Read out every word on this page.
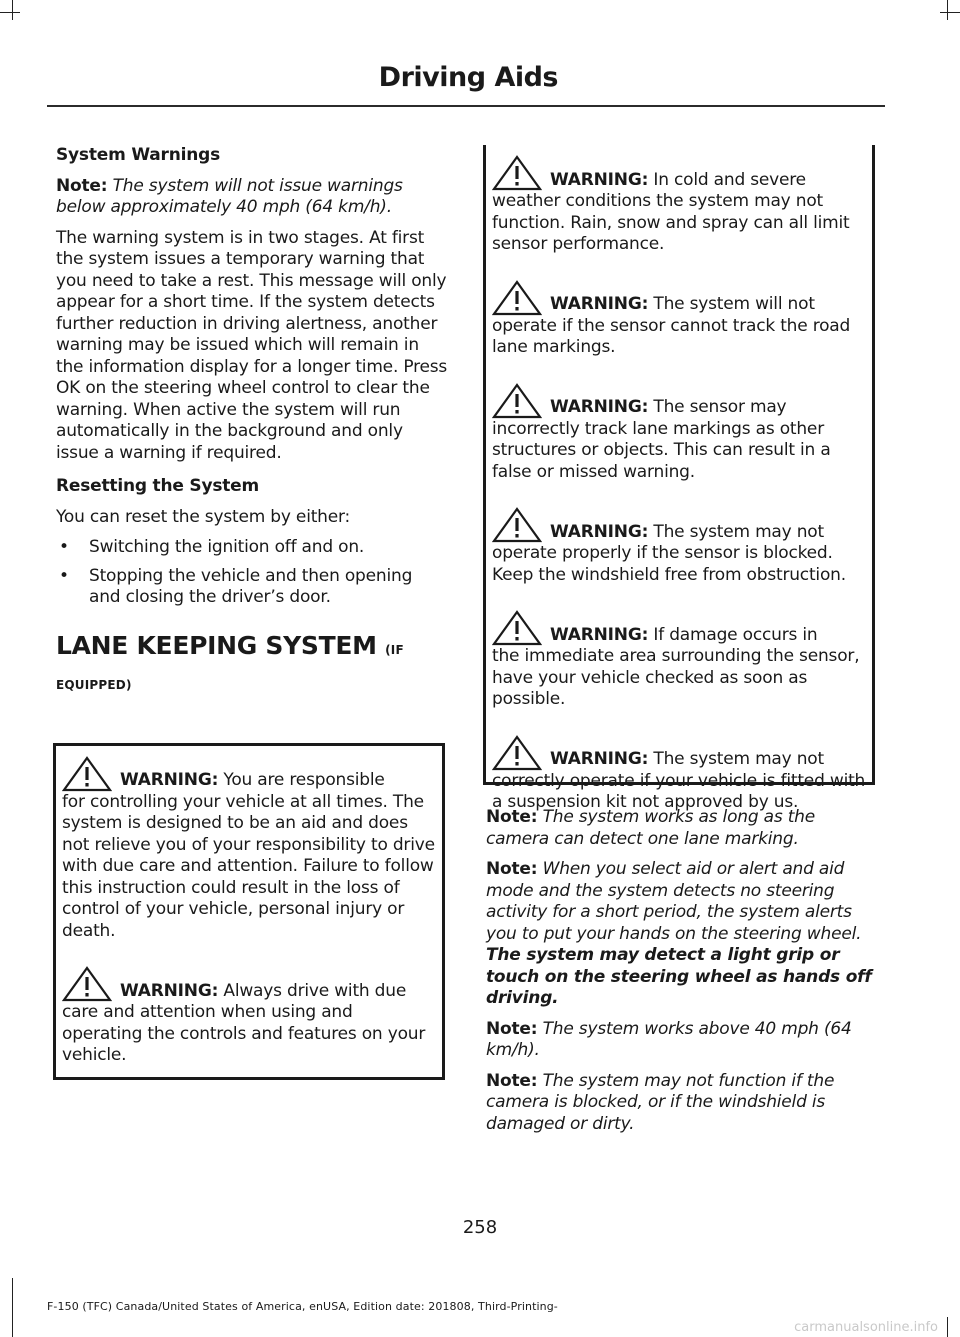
Driving Aids
System Warnings

Note: The system will not issue warnings below approximately 40 mph (64 km/h).

The warning system is in two stages. At first the system issues a temporary warning that you need to take a rest. This message will only appear for a short time. If the system detects further reduction in driving alertness, another warning may be issued which will remain in the information display for a longer time. Press OK on the steering wheel control to clear the warning. When active the system will run automatically in the background and only issue a warning if required.

Resetting the System

You can reset the system by either:

• Switching the ignition off and on.
• Stopping the vehicle and then opening and closing the driver’s door.
LANE KEEPING SYSTEM (IF
EQUIPPED)
WARNING: You are responsible
for controlling your vehicle at all times. The system is designed to be an aid and does not relieve you of your responsibility to drive with due care and attention. Failure to follow this instruction could result in the loss of control of your vehicle, personal injury or death.
WARNING: Always drive with due
care and attention when using and operating the controls and features on your vehicle.
WARNING: In cold and severe
weather conditions the system may not function. Rain, snow and spray can all limit sensor performance.
WARNING: The system will not
operate if the sensor cannot track the road lane markings.
WARNING: The sensor may
incorrectly track lane markings as other structures or objects. This can result in a false or missed warning.
WARNING: The system may not
operate properly if the sensor is blocked. Keep the windshield free from obstruction.
WARNING: If damage occurs in
the immediate area surrounding the sensor, have your vehicle checked as soon as possible.
WARNING: The system may not
correctly operate if your vehicle is fitted with a suspension kit not approved by us.

Note: The system works as long as the camera can detect one lane marking.

Note: When you select aid or alert and aid mode and the system detects no steering activity for a short period, the system alerts you to put your hands on the steering wheel. The system may detect a light grip or touch on the steering wheel as hands off driving.

Note: The system works above 40 mph (64 km/h).

Note: The system may not function if the camera is blocked, or if the windshield is damaged or dirty.

258
F-150 (TFC) Canada/United States of America, enUSA, Edition date: 201808, Third-Printing-
carmanualsonline.info
